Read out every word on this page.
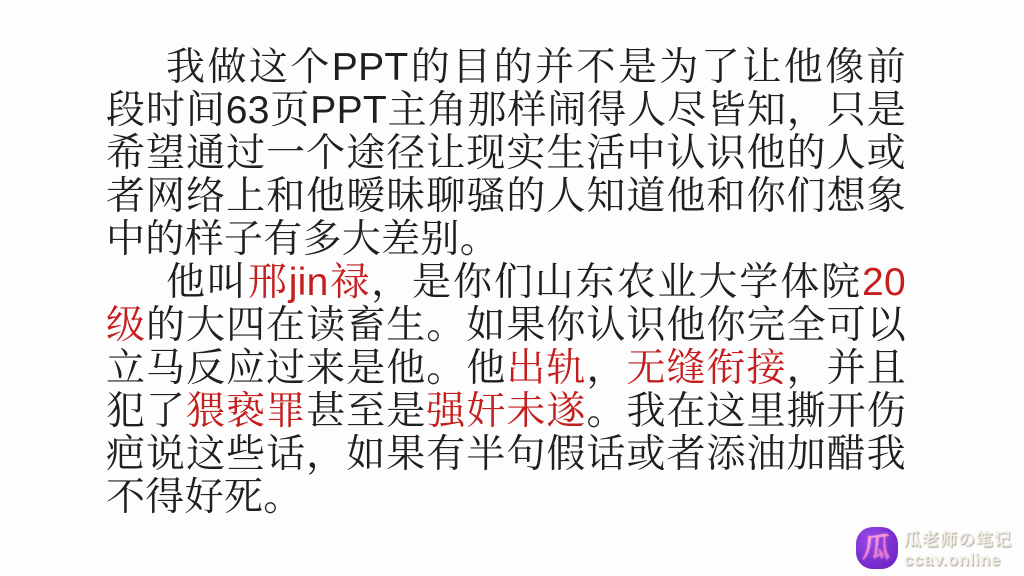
我做这个PPT的目的并不是为了让他像前段时间63页PPT主角那样闹得人尽皆知，只是希望通过一个途径让现实生活中认识他的人或者网络上和他暧昧聊骚的人知道他和你们想象中的样子有多大差别。

他叫邢jin禄，是你们山东农业大学体院20级的大四在读畜生。如果你认识他你完全可以立马反应过来是他。他出轨，无缝衔接，并且犯了猥亵罪甚至是强奸未遂。我在这里撕开伤疤说这些话，如果有半句假话或者添油加醋我不得好死。

瓜 瓜老师の笔记
ccav.online
